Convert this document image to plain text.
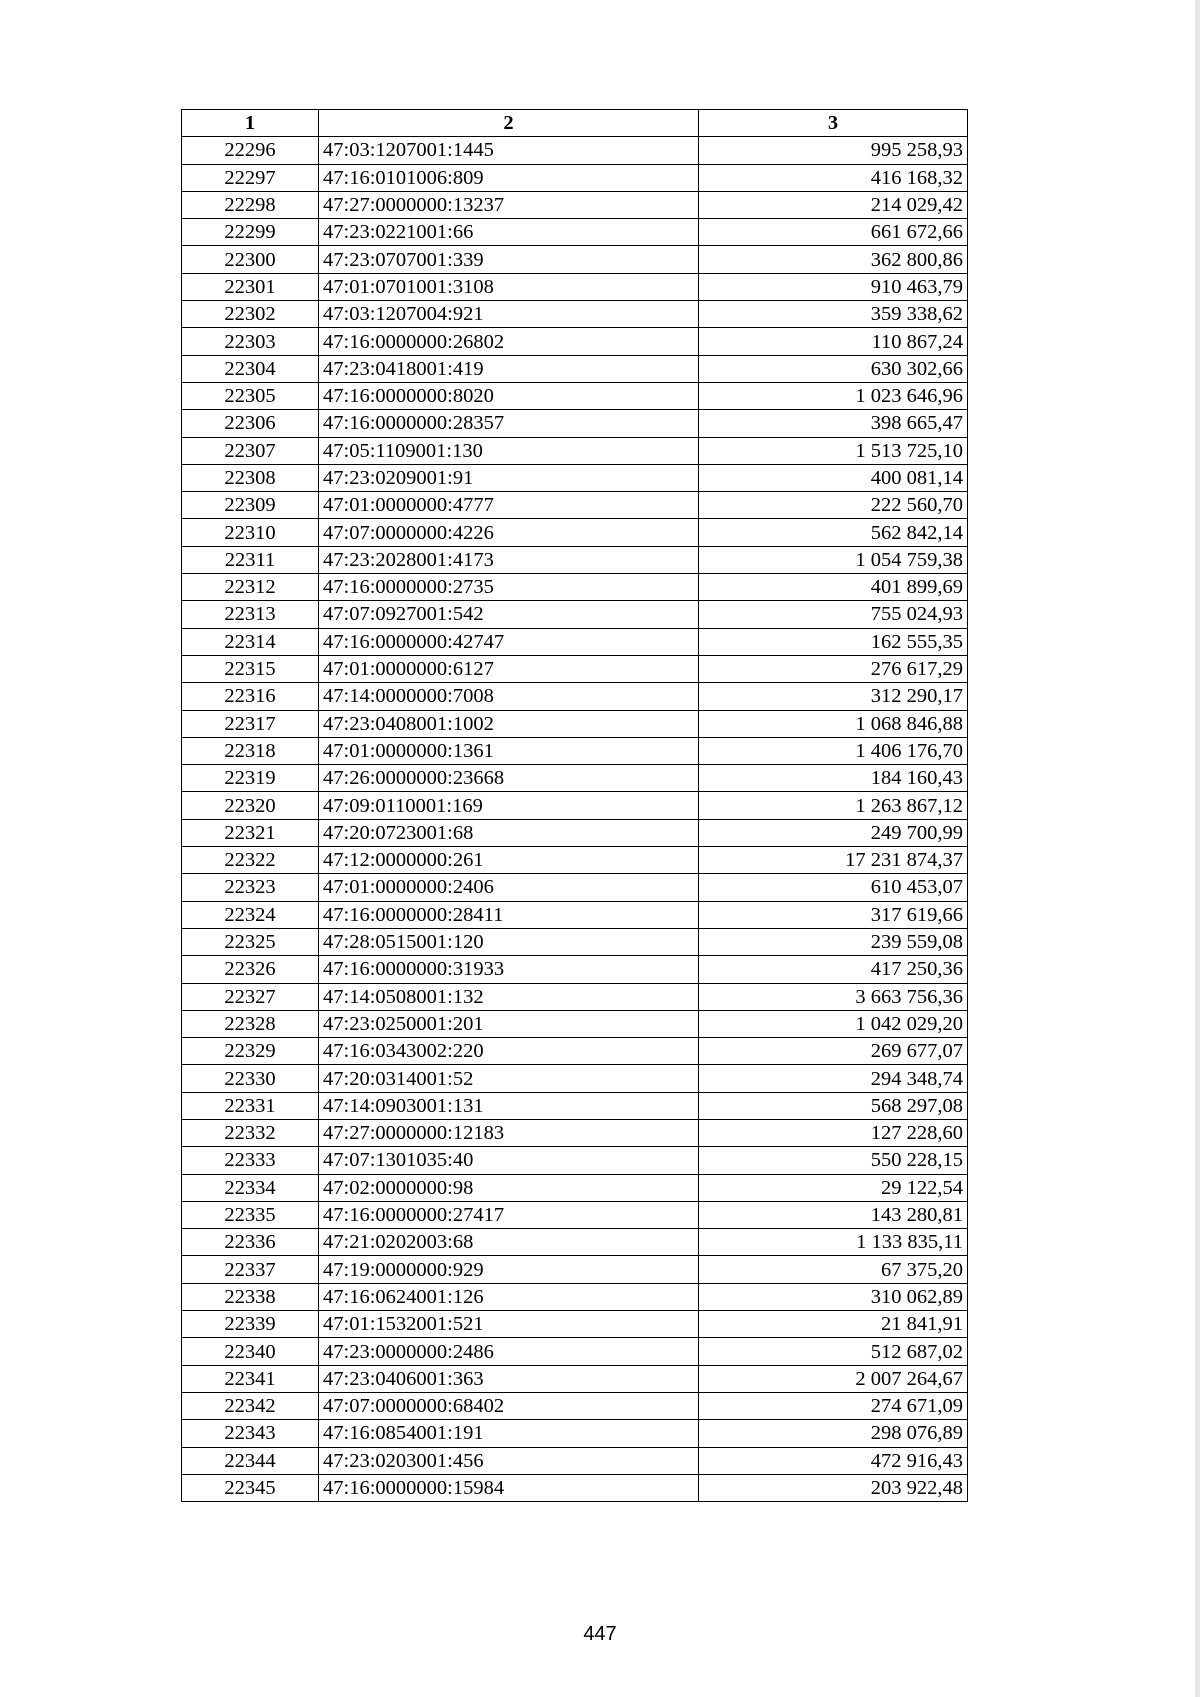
1	2	3
22296	47:03:1207001:1445	995 258,93
22297	47:16:0101006:809	416 168,32
22298	47:27:0000000:13237	214 029,42
22299	47:23:0221001:66	661 672,66
22300	47:23:0707001:339	362 800,86
22301	47:01:0701001:3108	910 463,79
22302	47:03:1207004:921	359 338,62
22303	47:16:0000000:26802	110 867,24
22304	47:23:0418001:419	630 302,66
22305	47:16:0000000:8020	1 023 646,96
22306	47:16:0000000:28357	398 665,47
22307	47:05:1109001:130	1 513 725,10
22308	47:23:0209001:91	400 081,14
22309	47:01:0000000:4777	222 560,70
22310	47:07:0000000:4226	562 842,14
22311	47:23:2028001:4173	1 054 759,38
22312	47:16:0000000:2735	401 899,69
22313	47:07:0927001:542	755 024,93
22314	47:16:0000000:42747	162 555,35
22315	47:01:0000000:6127	276 617,29
22316	47:14:0000000:7008	312 290,17
22317	47:23:0408001:1002	1 068 846,88
22318	47:01:0000000:1361	1 406 176,70
22319	47:26:0000000:23668	184 160,43
22320	47:09:0110001:169	1 263 867,12
22321	47:20:0723001:68	249 700,99
22322	47:12:0000000:261	17 231 874,37
22323	47:01:0000000:2406	610 453,07
22324	47:16:0000000:28411	317 619,66
22325	47:28:0515001:120	239 559,08
22326	47:16:0000000:31933	417 250,36
22327	47:14:0508001:132	3 663 756,36
22328	47:23:0250001:201	1 042 029,20
22329	47:16:0343002:220	269 677,07
22330	47:20:0314001:52	294 348,74
22331	47:14:0903001:131	568 297,08
22332	47:27:0000000:12183	127 228,60
22333	47:07:1301035:40	550 228,15
22334	47:02:0000000:98	29 122,54
22335	47:16:0000000:27417	143 280,81
22336	47:21:0202003:68	1 133 835,11
22337	47:19:0000000:929	67 375,20
22338	47:16:0624001:126	310 062,89
22339	47:01:1532001:521	21 841,91
22340	47:23:0000000:2486	512 687,02
22341	47:23:0406001:363	2 007 264,67
22342	47:07:0000000:68402	274 671,09
22343	47:16:0854001:191	298 076,89
22344	47:23:0203001:456	472 916,43
22345	47:16:0000000:15984	203 922,48
447
